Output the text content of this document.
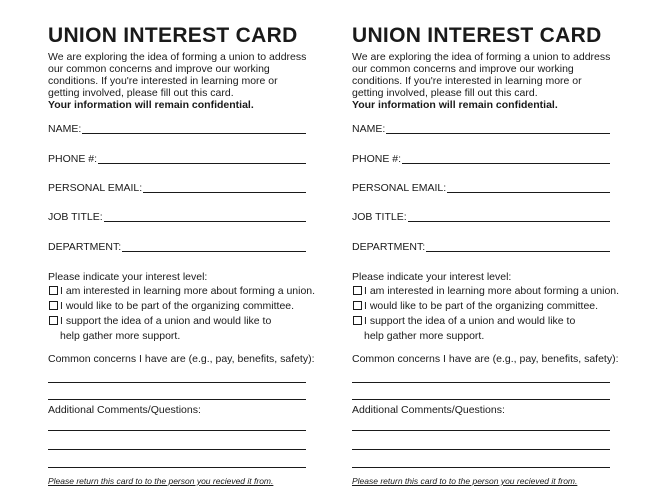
UNION INTEREST CARD

We are exploring the idea of forming a union to address our common concerns and improve our working conditions. If you're interested in learning more or getting involved, please fill out this card.

Your information will remain confidential.

NAME:
PHONE #:
PERSONAL EMAIL:
JOB TITLE:
DEPARTMENT:
Please indicate your interest level:
I am interested in learning more about forming a union.
I would like to be part of the organizing committee.
I support the idea of a union and would like to help gather more support.
Common concerns I have are (e.g., pay, benefits, safety):
Additional Comments/Questions:
Please return this card to to the person you recieved it from.
UNION INTEREST CARD

We are exploring the idea of forming a union to address our common concerns and improve our working conditions. If you're interested in learning more or getting involved, please fill out this card.

Your information will remain confidential.

NAME:
PHONE #:
PERSONAL EMAIL:
JOB TITLE:
DEPARTMENT:
Please indicate your interest level:
I am interested in learning more about forming a union.
I would like to be part of the organizing committee.
I support the idea of a union and would like to help gather more support.
Common concerns I have are (e.g., pay, benefits, safety):
Additional Comments/Questions:
Please return this card to to the person you recieved it from.
